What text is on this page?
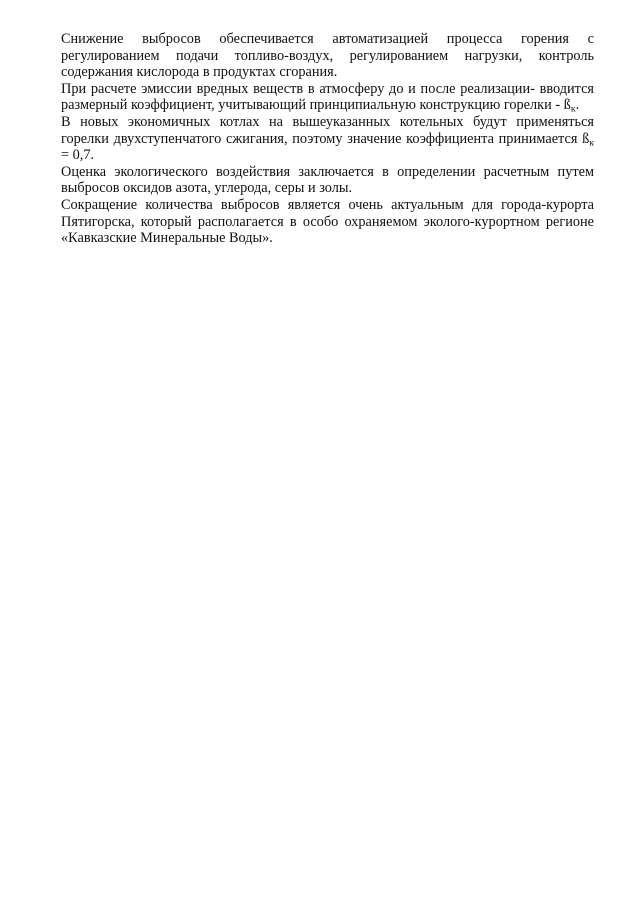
Снижение выбросов обеспечивается автоматизацией процесса горения с регулированием подачи топливо-воздух, регулированием нагрузки, контроль содержания кислорода в продуктах сгорания.

При расчете эмиссии вредных веществ в атмосферу до и после реализации- вводится размерный коэффициент, учитывающий принципиальную конструкцию горелки - $ß_к$.

В новых экономичных котлах на вышеуказанных котельных будут применяться горелки двухступенчатого сжигания, поэтому значение коэффициента принимается $ß_к = 0,7$.

Оценка экологического воздействия заключается в определении расчетным путем выбросов оксидов азота, углерода, серы и золы.

Сокращение количества выбросов является очень актуальным для города-курорта Пятигорска, который располагается в особо охраняемом эколого-курортном регионе «Кавказские Минеральные Воды».
